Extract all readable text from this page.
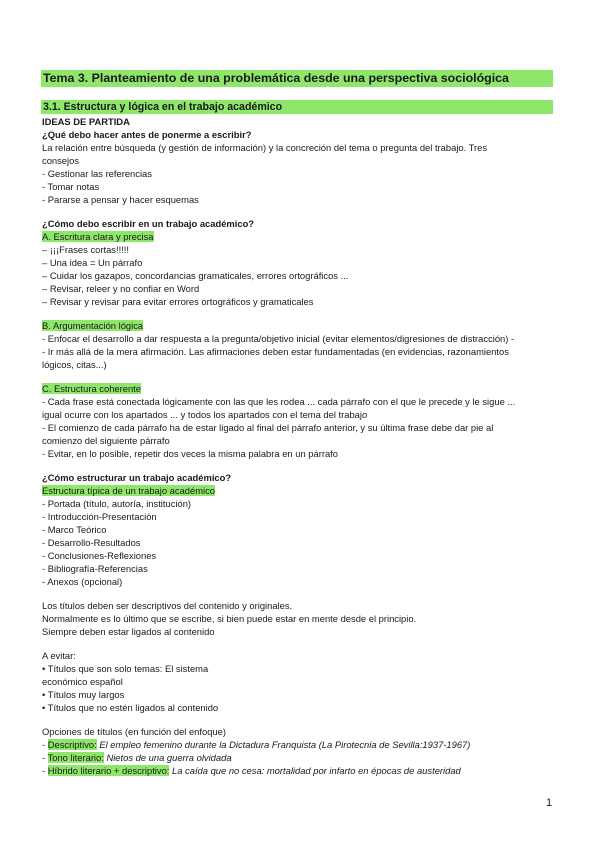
Tema 3. Planteamiento de una problemática desde una perspectiva sociológica
3.1. Estructura y lógica en el trabajo académico
IDEAS DE PARTIDA
¿Qué debo hacer antes de ponerme a escribir?
La relación entre búsqueda (y gestión de información) y la concreción del tema o pregunta del trabajo. Tres
consejos
- Gestionar las referencias
- Tomar notas
- Pararse a pensar y hacer esquemas
¿Cómo debo escribir en un trabajo académico?
A. Escritura clara y precisa
– ¡¡¡Frases cortas!!!!!
– Una idea = Un párrafo
– Cuidar los gazapos, concordancias gramaticales, errores ortográficos ...
– Revisar, releer y no confiar en Word
– Revisar y revisar para evitar errores ortográficos y gramaticales
B. Argumentación lógica
- Enfocar el desarrollo a dar respuesta a la pregunta/objetivo inicial (evitar elementos/digresiones de distracción) -
- Ir más allá de la mera afirmación. Las afirmaciones deben estar fundamentadas (en evidencias, razonamientos
lógicos, citas...)
C. Estructura coherente
- Cada frase está conectada lógicamente con las que les rodea ... cada párrafo con el que le precede y le sigue ...
igual ocurre con los apartados ... y todos los apartados con el tema del trabajo
- El comienzo de cada párrafo ha de estar ligado al final del párrafo anterior, y su última frase debe dar pie al
comienzo del siguiente párrafo
- Evitar, en lo posible, repetir dos veces la misma palabra en un párrafo
¿Cómo estructurar un trabajo académico?
Estructura típica de un trabajo académico
- Portada (título, autoría, institución)
- Introducción-Presentación
- Marco Teórico
- Desarrollo-Resultados
- Conclusiones-Reflexiones
- Bibliografía-Referencias
- Anexos (opcional)
Los títulos deben ser descriptivos del contenido y originales.
Normalmente es lo último que se escribe, si bien puede estar en mente desde el principio.
Siempre deben estar ligados al contenido
A evitar:
• Títulos que son solo temas: El sistema
económico español
• Títulos muy largos
• Títulos que no estén ligados al contenido
Opciones de títulos (en función del enfoque)
- Descriptivo: El empleo femenino durante la Dictadura Franquista (La Pirotecnia de Sevilla:1937-1967)
- Tono literario: Nietos de una guerra olvidada
- Híbrido literario + descriptivo: La caída que no cesa: mortalidad por infarto en épocas de austeridad
1
